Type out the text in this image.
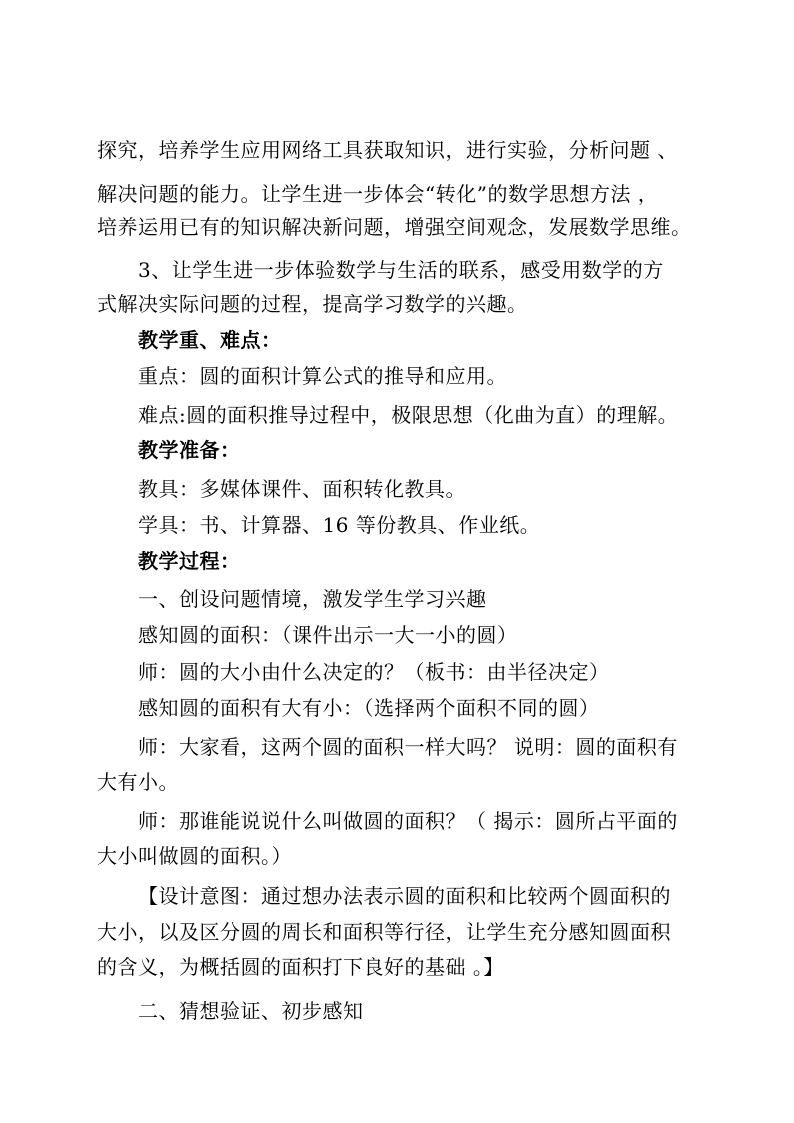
探究，培养学生应用网络工具获取知识，进行实验，分析问题 、
解决问题的能力。让学生进一步体会“转化”的数学思想方法 ，
培养运用已有的知识解决新问题，增强空间观念，发展数学思维。
3、让学生进一步体验数学与生活的联系，感受用数学的方
式解决实际问题的过程，提高学习数学的兴趣。
教学重、难点：
重点：圆的面积计算公式的推导和应用。
难点:圆的面积推导过程中，极限思想（化曲为直）的理解。
教学准备：
教具：多媒体课件、面积转化教具。
学具：书、计算器、16 等份教具、作业纸。
教学过程：
一、创设问题情境，激发学生学习兴趣
感知圆的面积：（课件出示一大一小的圆）
师：圆的大小由什么决定的？（板书：由半径决定）
感知圆的面积有大有小：（选择两个面积不同的圆）
师：大家看，这两个圆的面积一样大吗？ 说明：圆的面积有
大有小。
师：那谁能说说什么叫做圆的面积？（ 揭示：圆所占平面的
大小叫做圆的面积。）
【设计意图：通过想办法表示圆的面积和比较两个圆面积的
大小，以及区分圆的周长和面积等行径，让学生充分感知圆面积
的含义，为概括圆的面积打下良好的基础 。】
二、猜想验证、初步感知
